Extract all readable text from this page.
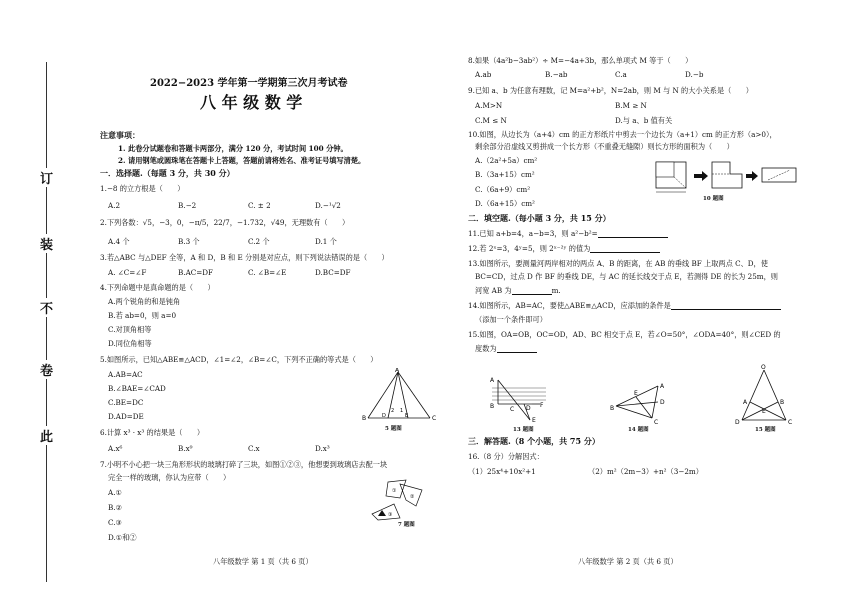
订
装
不
卷
此
2022−2023 学年第一学期第三次月考试卷
八 年 级 数 学
注意事项：
1. 此卷分试题卷和答题卡两部分，满分 120 分，考试时间 100 分钟。
2. 请用钢笔或圆珠笔在答题卡上答题，答题前请将姓名、准考证号填写清楚。
一．选择题.（每题 3 分，共 30 分）
1.−8 的立方根是（　　）
A.2	B.−2	C. ± 2	D.−¹√2
2.下列各数：√5，−3，0，−π/5，22/7，−1.732，√49，无理数有（　　）
A.4 个	B.3 个	C.2 个	D.1 个
3.若△ABC 与△DEF 全等，A 和 D，B 和 E 分别是对应点，则下列说法错误的是（　　）
A. ∠C=∠F	B.AC=DF	C. ∠B=∠E	D.BC=DF
4.下列命题中是真命题的是（　　）
A.两个锐角的和是钝角
B.若 ab=0，则 a=0
C.对顶角相等
D.同位角相等
5.如图所示，已知△ABE≌△ACD，∠1=∠2，∠B=∠C，下列不正确的等式是（　　）
A.AB=AC
B.∠BAE=∠CAD
C.BE=DC
D.AD=DE
A
B	C
D	E
2 1
5 题图
6.计算 x³ · x³ 的结果是（　　）
A.x⁶	B.x⁹	C.x	D.x³
7.小明不小心把一块三角形形状的玻璃打碎了三块，如图①②③，他想要到玻璃店去配一块
完全一样的玻璃，你认为应带（　　）
A.①
B.②
C.③
D.①和②
①
②
③
7 题图
八年级数学 第 1 页（共 6 页）
8.如果（4a²b−3ab²）÷ M=−4a+3b，那么单项式 M 等于（　　）
A.ab	B.−ab	C.a	D.−b
9.已知 a、b 为任意有理数，记 M=a²+b²，N=2ab，则 M 与 N 的大小关系是（　　）
A.M>N	B.M ≥ N
C.M ≤ N	D.与 a、b 值有关
10.如图，从边长为（a+4）cm 的正方形纸片中剪去一个边长为（a+1）cm 的正方形（a>0），
剩余部分沿虚线又剪拼成一个长方形（不重叠无缝隙）则长方形的面积为（　　）
A.（2a²+5a）cm²
B.（3a+15）cm²
C.（6a+9）cm²
D.（6a+15）cm²	10 题图
二．填空题.（每小题 3 分，共 15 分）
11.已知 a+b=4，a−b=3，则 a²−b²=
12.若 2ˣ=3，4ʸ=5，则 2ˣ⁻²ʸ 的值为
13.如图所示，要测量河两岸相对的两点 A、B 的距离，在 AB 的垂线 BF 上取两点 C、D，使
BC=CD，过点 D 作 BF 的垂线 DE，与 AC 的延长线交于点 E，若测得 DE 的长为 25m，则
河宽 AB 为	m.
14.如图所示，AB=AC，要使△ABE≌△ACD，应添加的条件是
（添加一个条件即可）
15.如图，OA=OB，OC=OD，AD、BC 相交于点 E，若∠O=50°，∠ODA=40°，则∠CED 的
度数为
A
B	C D F
E
13 题图
A
B
C
D
E
14 题图
O
A	B
D	C
E
15 题图
三．解答题.（8 个小题，共 75 分）
16.（8 分）分解因式：
（1）25x⁴+10x²+1	（2）m²（2m−3）+n²（3−2m）
八年级数学 第 2 页（共 6 页）
